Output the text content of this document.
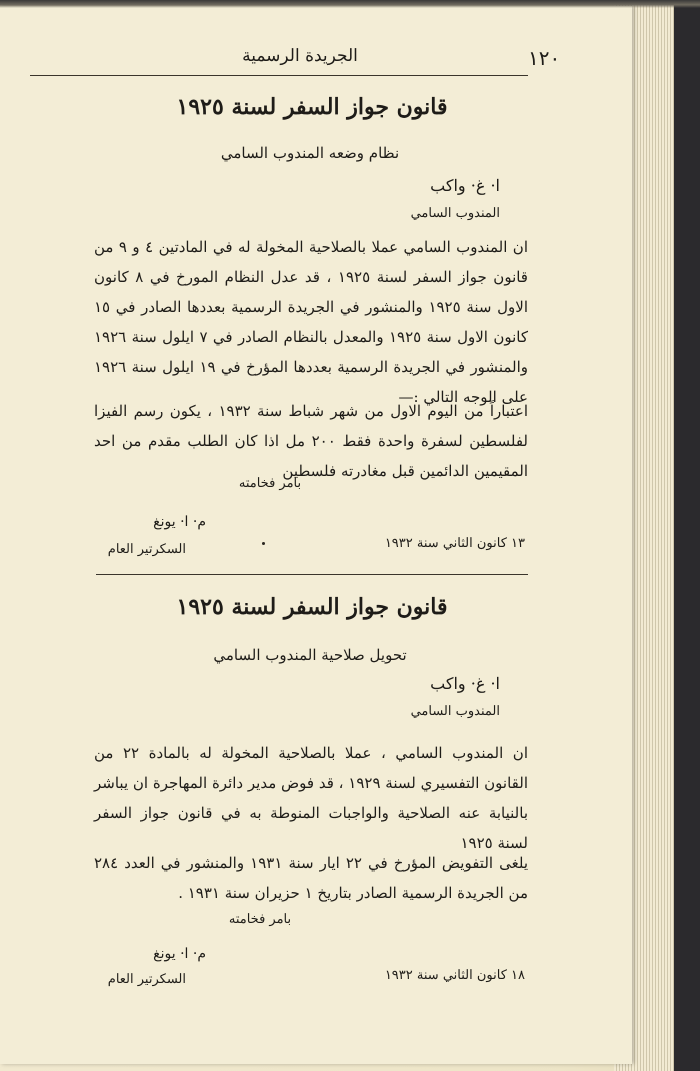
١٢٠
الجريدة الرسمية
قانون جواز السفر لسنة ١٩٢٥
نظام وضعه المندوب السامي
ا· غ· واكب
المندوب السامي
ان المندوب السامي عملا بالصلاحية المخولة له في المادتين ٤ و ٩ من قانون جواز السفر لسنة ١٩٢٥ ، قد عدل النظام المورخ في ٨ كانون الاول سنة ١٩٢٥ والمنشور في الجريدة الرسمية بعددها الصادر في ١٥ كانون الاول سنة ١٩٢٥ والمعدل بالنظام الصادر في ٧ ايلول سنة ١٩٢٦ والمنشور في الجريدة الرسمية بعددها المؤرخ في ١٩ ايلول سنة ١٩٢٦ على الوجه التالي :—
اعتباراً من اليوم الاول من شهر شباط سنة ١٩٣٢ ، يكون رسم الفيزا لفلسطين لسفرة واحدة فقط ٢٠٠ مل اذا كان الطلب مقدم من احد المقيمين الدائمين قبل مغادرته فلسطين
بامر فخامته
م· ا· يونغ
السكرتير العام	١٣ كانون الثاني سنة ١٩٣٢
قانون جواز السفر لسنة ١٩٢٥
تحويل صلاحية المندوب السامي
ا· غ· واكب
المندوب السامي
ان المندوب السامي ، عملا بالصلاحية المخولة له بالمادة ٢٢ من القانون التفسيري لسنة ١٩٢٩ ، قد فوض مدير دائرة المهاجرة ان يباشر بالنيابة عنه الصلاحية والواجبات المنوطة به في قانون جواز السفر لسنة ١٩٢٥
يلغى التفويض المؤرخ في ٢٢ ايار سنة ١٩٣١ والمنشور في العدد ٢٨٤ من الجريدة الرسمية الصادر بتاريخ ١ حزيران سنة ١٩٣١ .
بامر فخامته
م· ا· يونغ
السكرتير العام	١٨ كانون الثاني سنة ١٩٣٢
